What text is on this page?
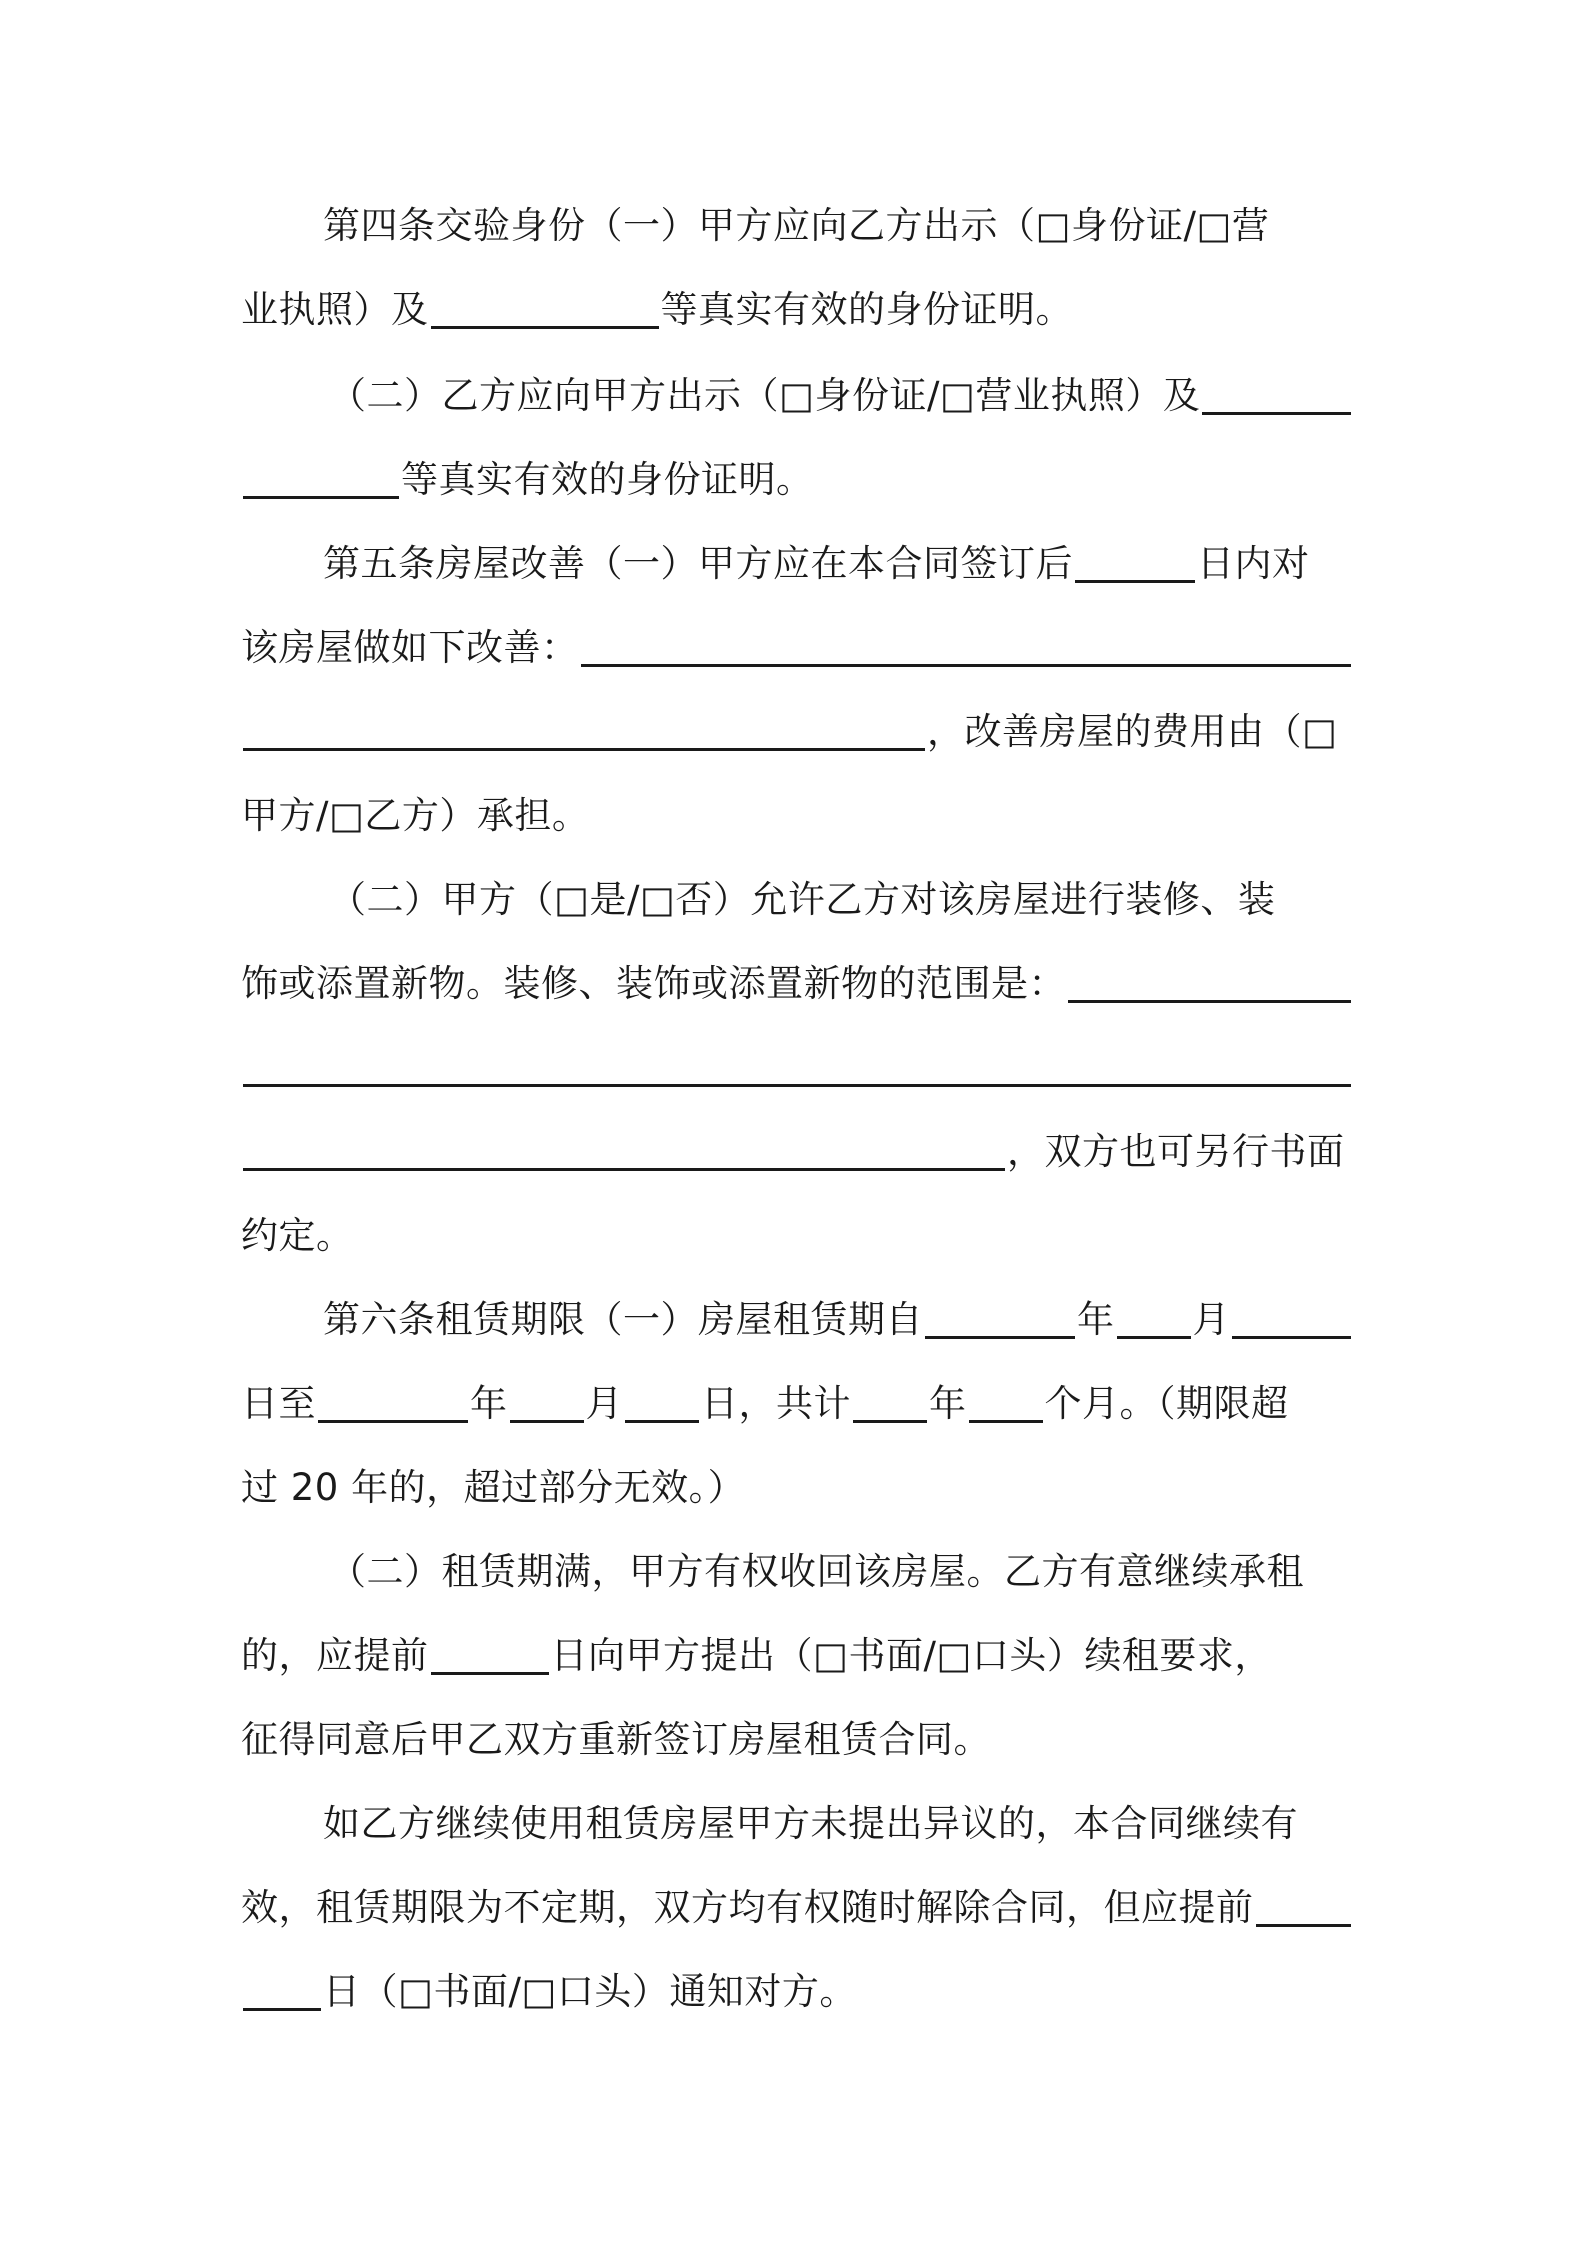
第四条交验身份（一）甲方应向乙方出示（□身份证/□营
业执照）及	等真实有效的身份证明。
（二）乙方应向甲方出示（□身份证/□营业执照）及
等真实有效的身份证明。
第五条房屋改善（一）甲方应在本合同签订后	日内对
该房屋做如下改善：
，改善房屋的费用由（□
甲方/□乙方）承担。
（二）甲方（□是/□否）允许乙方对该房屋进行装修、装
饰或添置新物。装修、装饰或添置新物的范围是：
，双方也可另行书面
约定。
第六条租赁期限（一）房屋租赁期自	年 月
日至	年 月 日，共计 年 个月。（期限超
过 20 年的，超过部分无效。）
（二）租赁期满，甲方有权收回该房屋。乙方有意继续承租
的，应提前	日向甲方提出（□书面/□口头）续租要求，
征得同意后甲乙双方重新签订房屋租赁合同。
如乙方继续使用租赁房屋甲方未提出异议的，本合同继续有
效，租赁期限为不定期，双方均有权随时解除合同，但应提前
日（□书面/□口头）通知对方。
